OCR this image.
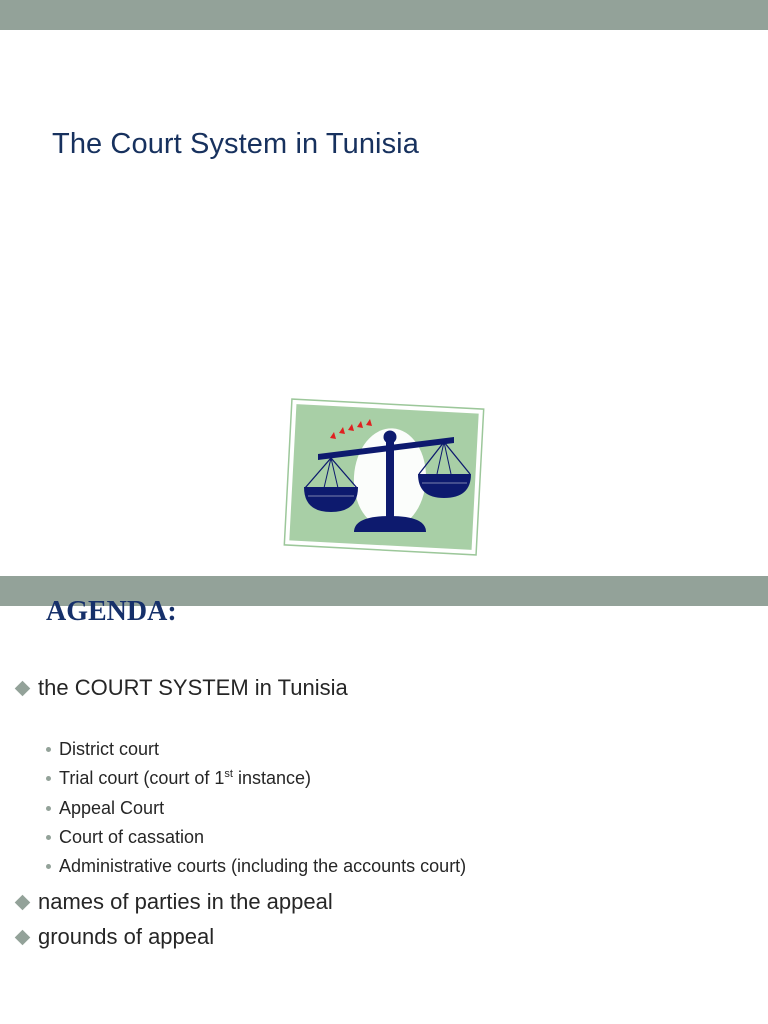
The Court System in Tunisia
AGENDA:
the COURT SYSTEM in Tunisia
District court
Trial court (court of 1st instance)
Appeal Court
Court of cassation
Administrative courts (including the accounts court)
names of parties in the appeal
grounds of appeal
